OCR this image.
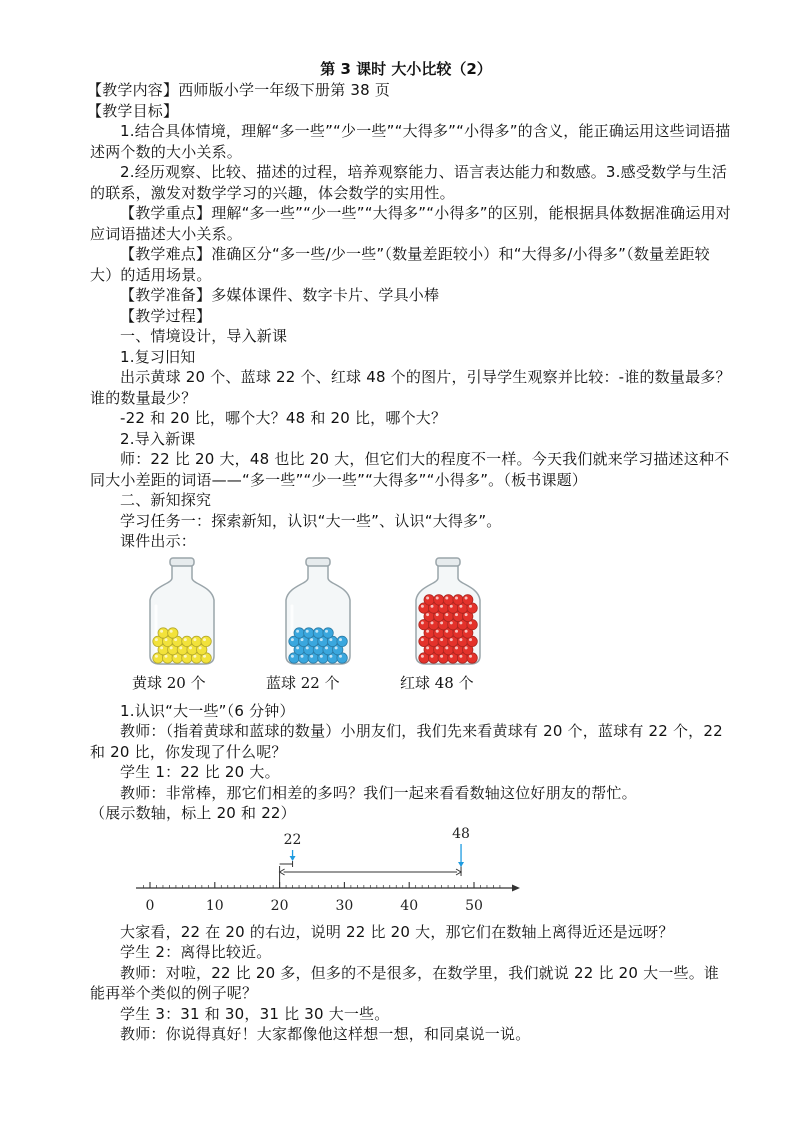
第 3 课时 大小比较（2）

【教学内容】西师版小学一年级下册第 38 页

【教学目标】

1.结合具体情境，理解“多一些”“少一些”“大得多”“小得多”的含义，能正确运用这些词语描述两个数的大小关系。

2.经历观察、比较、描述的过程，培养观察能力、语言表达能力和数感。3.感受数学与生活的联系，激发对数学学习的兴趣，体会数学的实用性。

【教学重点】理解“多一些”“少一些”“大得多”“小得多”的区别，能根据具体数据准确运用对应词语描述大小关系。

【教学难点】准确区分“多一些/少一些”（数量差距较小）和“大得多/小得多”（数量差距较大）的适用场景。

【教学准备】多媒体课件、数字卡片、学具小棒

【教学过程】

一、情境设计，导入新课

1.复习旧知

出示黄球 20 个、蓝球 22 个、红球 48 个的图片，引导学生观察并比较：-谁的数量最多？谁的数量最少？

-22 和 20 比，哪个大？48 和 20 比，哪个大？

2.导入新课

师：22 比 20 大，48 也比 20 大，但它们大的程度不一样。今天我们就来学习描述这种不同大小差距的词语——“多一些”“少一些”“大得多”“小得多”。（板书课题）

二、新知探究

学习任务一：探索新知，认识“大一些”、认识“大得多”。

课件出示：

黄球 20 个	蓝球 22 个	红球 48 个

1.认识“大一些”（6 分钟）

教师：（指着黄球和蓝球的数量）小朋友们，我们先来看黄球有 20 个，蓝球有 22 个，22 和 20 比，你发现了什么呢？

学生 1：22 比 20 大。

教师：非常棒，那它们相差的多吗？我们一起来看看数轴这位好朋友的帮忙。

（展示数轴，标上 20 和 22）

0	10	20	30	40	50
22	48

大家看，22 在 20 的右边，说明 22 比 20 大，那它们在数轴上离得近还是远呀？

学生 2：离得比较近。

教师：对啦，22 比 20 多，但多的不是很多，在数学里，我们就说 22 比 20 大一些。谁能再举个类似的例子呢？

学生 3：31 和 30，31 比 30 大一些。

教师：你说得真好！大家都像他这样想一想，和同桌说一说。
